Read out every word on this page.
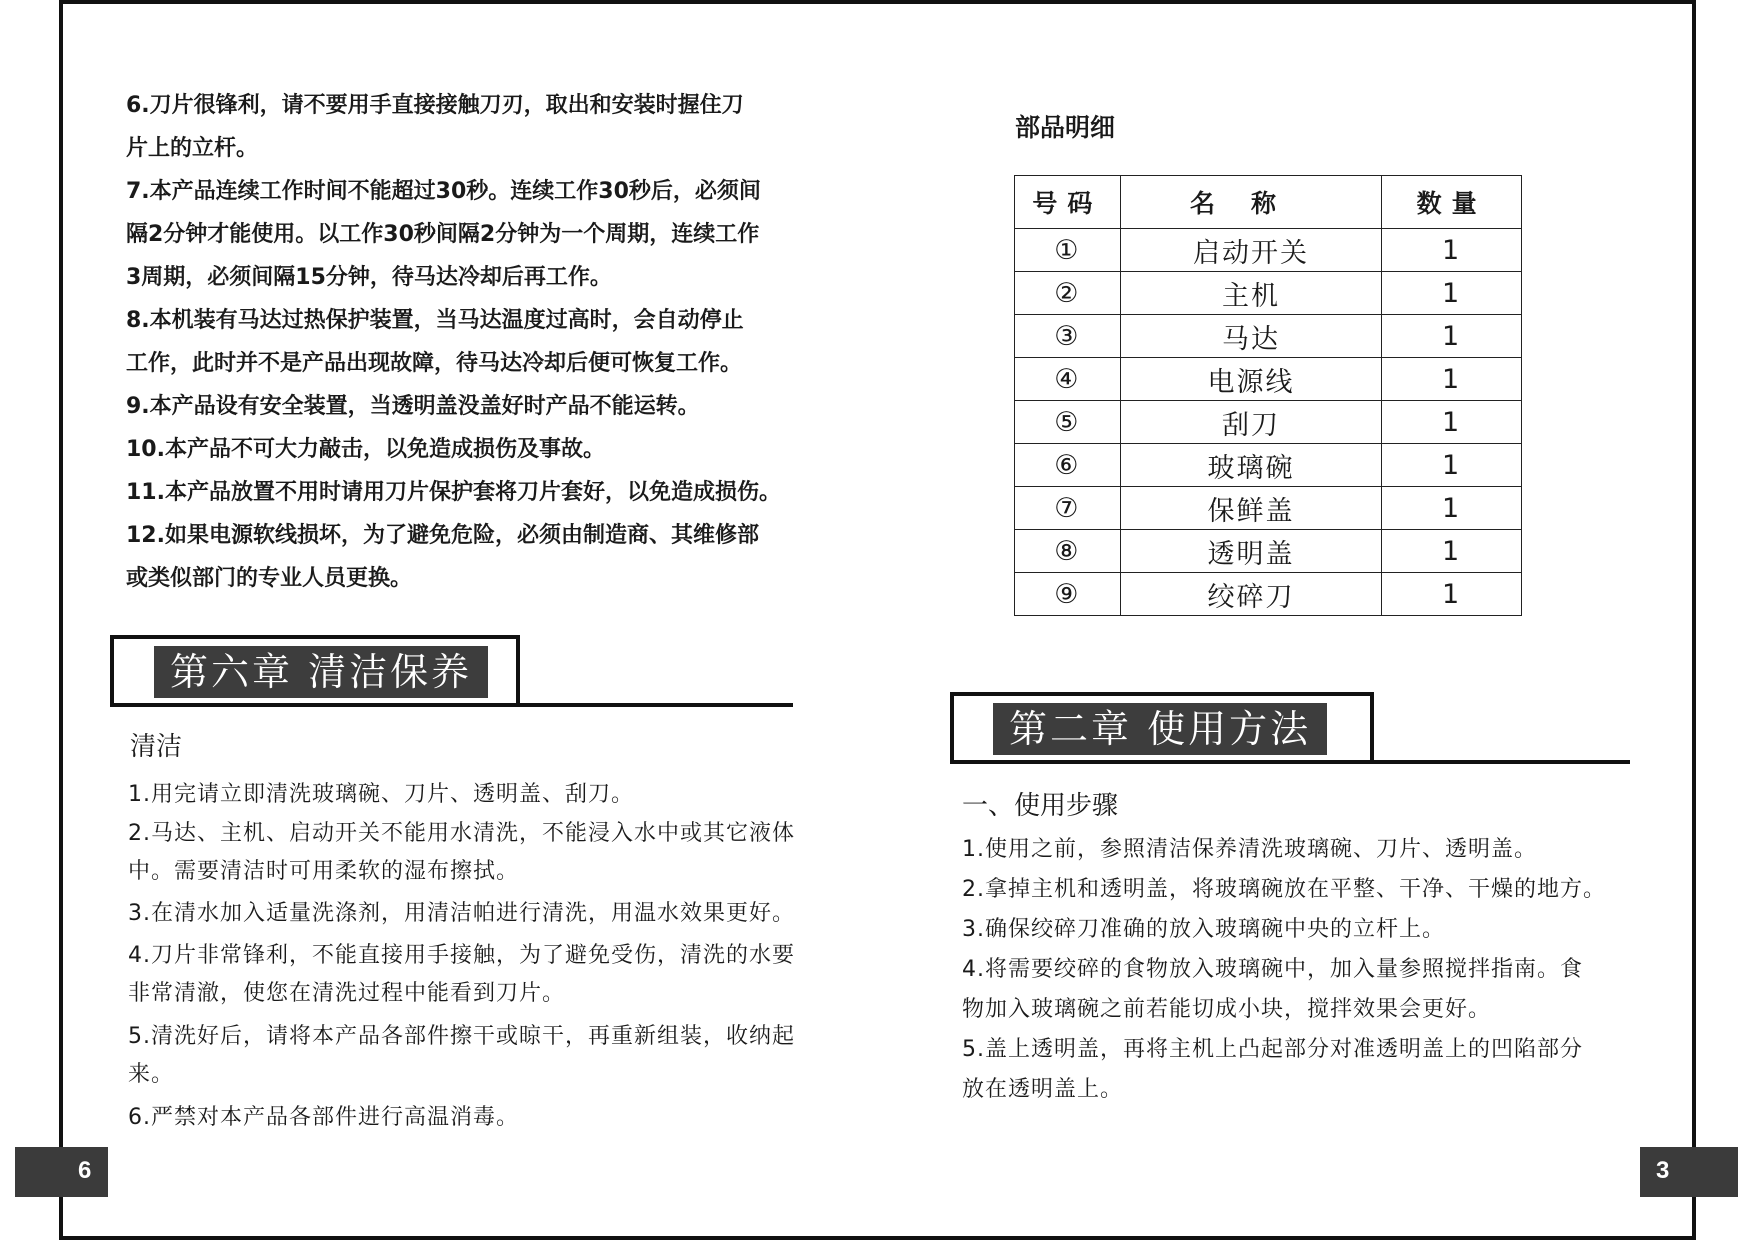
6.刀片很锋利，请不要用手直接接触刀刃，取出和安装时握住刀
片上的立杆。

7.本产品连续工作时间不能超过30秒。连续工作30秒后，必须间
隔2分钟才能使用。以工作30秒间隔2分钟为一个周期，连续工作
3周期，必须间隔15分钟，待马达冷却后再工作。

8.本机装有马达过热保护装置，当马达温度过高时，会自动停止
工作，此时并不是产品出现故障，待马达冷却后便可恢复工作。

9.本产品设有安全装置，当透明盖没盖好时产品不能运转。

10.本产品不可大力敲击，以免造成损伤及事故。

11.本产品放置不用时请用刀片保护套将刀片套好，以免造成损伤。

12.如果电源软线损坏，为了避免危险，必须由制造商、其维修部
或类似部门的专业人员更换。

第六章 清洁保养
清洁

1.用完请立即清洗玻璃碗、刀片、透明盖、刮刀。

2.马达、主机、启动开关不能用水清洗，不能浸入水中或其它液体
中。需要清洁时可用柔软的湿布擦拭。

3.在清水加入适量洗涤剂，用清洁帕进行清洗，用温水效果更好。

4.刀片非常锋利，不能直接用手接触，为了避免受伤，清洗的水要
非常清澈，使您在清洗过程中能看到刀片。

5.清洗好后，请将本产品各部件擦干或晾干，再重新组装，收纳起
来。

6.严禁对本产品各部件进行高温消毒。

6
部品明细
号码	名称	数量
①	启动开关	1
②	主机	1
③	马达	1
④	电源线	1
⑤	刮刀	1
⑥	玻璃碗	1
⑦	保鲜盖	1
⑧	透明盖	1
⑨	绞碎刀	1
第二章 使用方法
一、使用步骤

1.使用之前，参照清洁保养清洗玻璃碗、刀片、透明盖。

2.拿掉主机和透明盖，将玻璃碗放在平整、干净、干燥的地方。

3.确保绞碎刀准确的放入玻璃碗中央的立杆上。

4.将需要绞碎的食物放入玻璃碗中，加入量参照搅拌指南。食
物加入玻璃碗之前若能切成小块，搅拌效果会更好。

5.盖上透明盖，再将主机上凸起部分对准透明盖上的凹陷部分
放在透明盖上。

3
